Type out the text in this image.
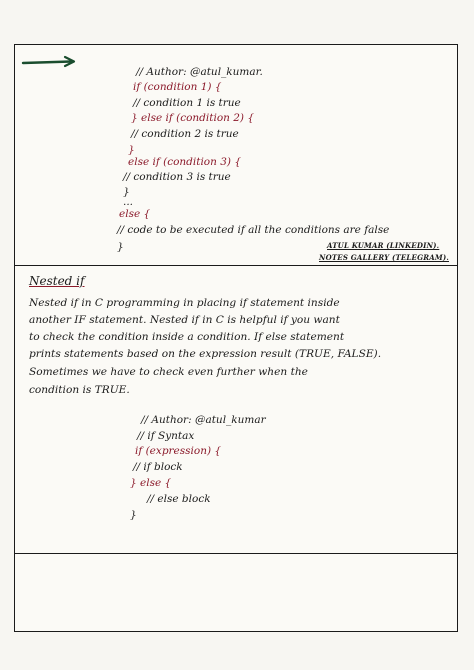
// Author: @atul_kumar.
if (condition 1) {
// condition 1 is true
} else if (condition 2) {
// condition 2 is true
}
else if (condition 3) {
// condition 3 is true
}
...
else {
// code to be executed if all the conditions are false
}	ATUL KUMAR (LINKEDIN).
NOTES GALLERY (TELEGRAM).
Nested if
Nested if in C programming in placing if statement inside
another IF statement. Nested if in C is helpful if you want
to check the condition inside a condition. If else statement
prints statements based on the expression result (TRUE, FALSE).
Sometimes we have to check even further when the
condition is TRUE.
// Author: @atul_kumar
// if Syntax
if (expression) {
// if block
} else {
// else block
}
